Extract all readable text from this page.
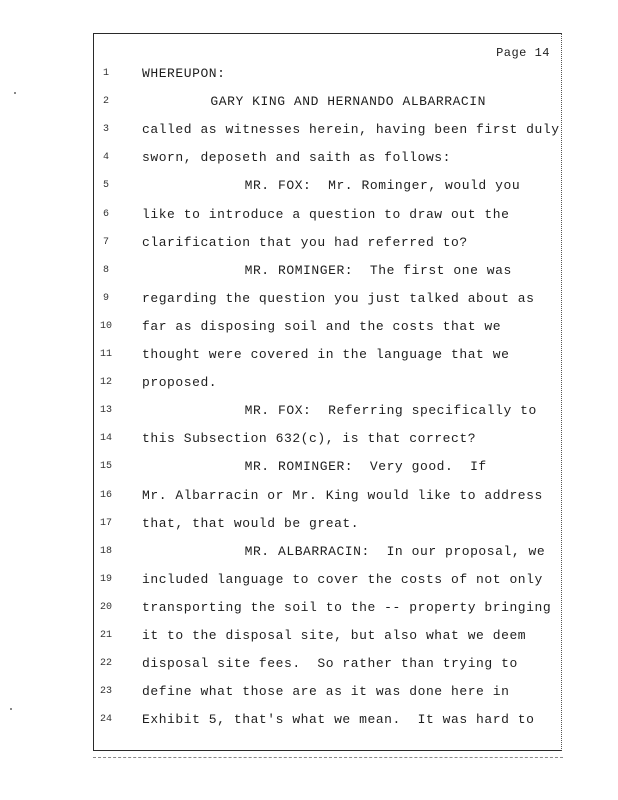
Page 14
1	WHEREUPON:
2	GARY KING AND HERNANDO ALBARRACIN
3	called as witnesses herein, having been first duly
4	sworn, deposeth and saith as follows:
5	MR. FOX:  Mr. Rominger, would you
6	like to introduce a question to draw out the
7	clarification that you had referred to?
8	MR. ROMINGER:  The first one was
9	regarding the question you just talked about as
10	far as disposing soil and the costs that we
11	thought were covered in the language that we
12	proposed.
13	MR. FOX:  Referring specifically to
14	this Subsection 632(c), is that correct?
15	MR. ROMINGER:  Very good.  If
16	Mr. Albarracin or Mr. King would like to address
17	that, that would be great.
18	MR. ALBARRACIN:  In our proposal, we
19	included language to cover the costs of not only
20	transporting the soil to the -- property bringing
21	it to the disposal site, but also what we deem
22	disposal site fees.  So rather than trying to
23	define what those are as it was done here in
24	Exhibit 5, that's what we mean.  It was hard to
